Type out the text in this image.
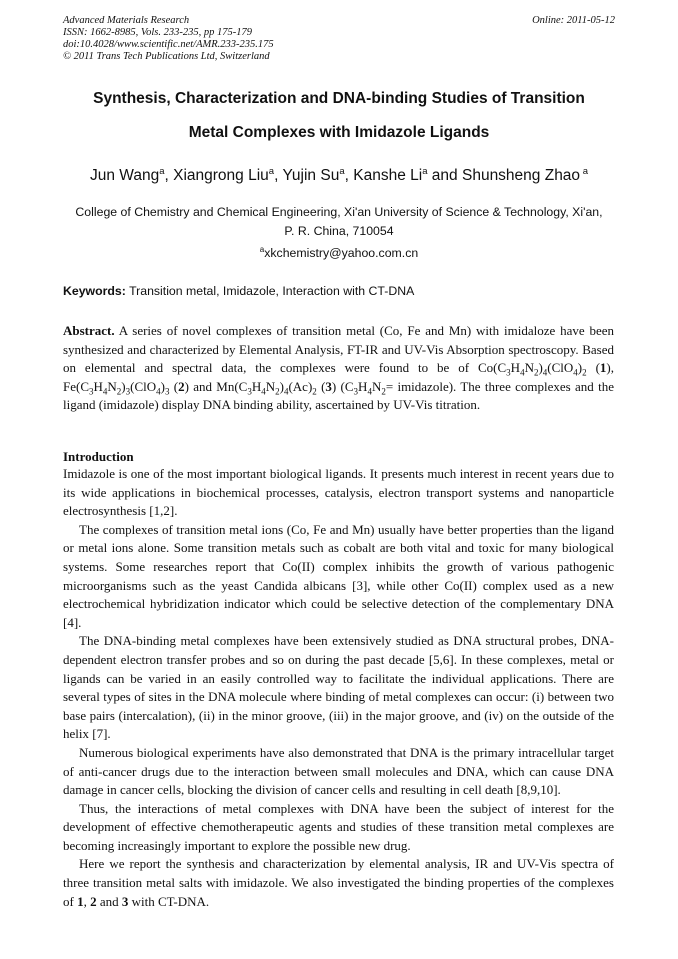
Advanced Materials Research
ISSN: 1662-8985, Vols. 233-235, pp 175-179
doi:10.4028/www.scientific.net/AMR.233-235.175
© 2011 Trans Tech Publications Ltd, Switzerland
Online: 2011-05-12
Synthesis, Characterization and DNA-binding Studies of Transition
Metal Complexes with Imidazole Ligands
Jun Wang$^a$, Xiangrong Liu$^a$, Yujin Su$^a$, Kanshe Li$^a$ and Shunsheng Zhao $^a$
College of Chemistry and Chemical Engineering, Xi'an University of Science & Technology, Xi'an,
P. R. China, 710054
$^a$xkchemistry@yahoo.com.cn
Keywords: Transition metal, Imidazole, Interaction with CT-DNA
Abstract. A series of novel complexes of transition metal (Co, Fe and Mn) with imidaloze have been synthesized and characterized by Elemental Analysis, FT-IR and UV-Vis Absorption spectroscopy. Based on elemental and spectral data, the complexes were found to be of $Co(C_3H_4N_2)_4(ClO_4)_2$ (1), $Fe(C_3H_4N_2)_3(ClO_4)_3$ (2) and $Mn(C_3H_4N_2)_4(Ac)_2$ (3) ($C_3H_4N_2=$ imidazole). The three complexes and the ligand (imidazole) display DNA binding ability, ascertained by UV-Vis titration.
Introduction

Imidazole is one of the most important biological ligands. It presents much interest in recent years due to its wide applications in biochemical processes, catalysis, electron transport systems and nanoparticle electrosynthesis [1,2].

The complexes of transition metal ions (Co, Fe and Mn) usually have better properties than the ligand or metal ions alone. Some transition metals such as cobalt are both vital and toxic for many biological systems. Some researches report that Co(II) complex inhibits the growth of various pathogenic microorganisms such as the yeast Candida albicans [3], while other Co(II) complex used as a new electrochemical hybridization indicator which could be selective detection of the complementary DNA [4].

The DNA-binding metal complexes have been extensively studied as DNA structural probes, DNA-dependent electron transfer probes and so on during the past decade [5,6]. In these complexes, metal or ligands can be varied in an easily controlled way to facilitate the individual applications. There are several types of sites in the DNA molecule where binding of metal complexes can occur: (i) between two base pairs (intercalation), (ii) in the minor groove, (iii) in the major groove, and (iv) on the outside of the helix [7].

Numerous biological experiments have also demonstrated that DNA is the primary intracellular target of anti-cancer drugs due to the interaction between small molecules and DNA, which can cause DNA damage in cancer cells, blocking the division of cancer cells and resulting in cell death [8,9,10].

Thus, the interactions of metal complexes with DNA have been the subject of interest for the development of effective chemotherapeutic agents and studies of these transition metal complexes are becoming increasingly important to explore the possible new drug.

Here we report the synthesis and characterization by elemental analysis, IR and UV-Vis spectra of three transition metal salts with imidazole. We also investigated the binding properties of the complexes of 1, 2 and 3 with CT-DNA.
